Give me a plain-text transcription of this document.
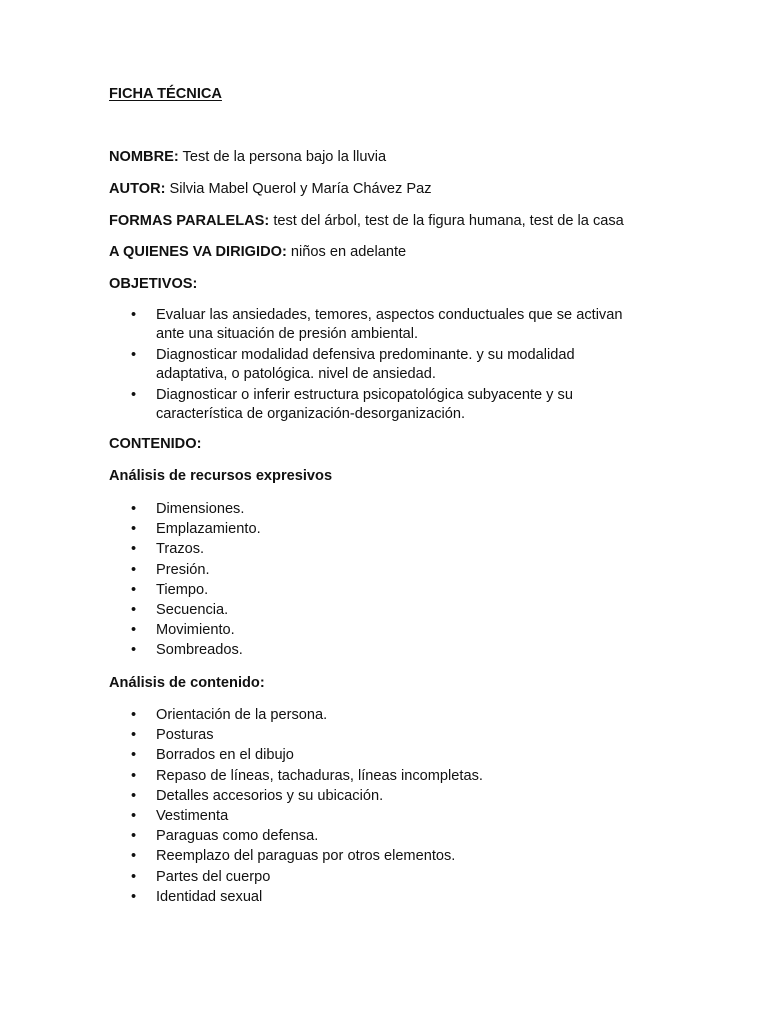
FICHA TÉCNICA
NOMBRE: Test de la persona bajo la lluvia
AUTOR: Silvia Mabel Querol y María Chávez Paz
FORMAS PARALELAS: test del árbol, test de la figura humana, test de la casa
A QUIENES VA DIRIGIDO: niños en adelante
OBJETIVOS:
• Evaluar las ansiedades, temores, aspectos conductuales que se activan
ante una situación de presión ambiental.
• Diagnosticar modalidad defensiva predominante. y su modalidad
adaptativa, o patológica. nivel de ansiedad.
• Diagnosticar o inferir estructura psicopatológica subyacente y su
característica de organización-desorganización.
CONTENIDO:
Análisis de recursos expresivos
• Dimensiones.
• Emplazamiento.
• Trazos.
• Presión.
• Tiempo.
• Secuencia.
• Movimiento.
• Sombreados.
Análisis de contenido:
• Orientación de la persona.
• Posturas
• Borrados en el dibujo
• Repaso de líneas, tachaduras, líneas incompletas.
• Detalles accesorios y su ubicación.
• Vestimenta
• Paraguas como defensa.
• Reemplazo del paraguas por otros elementos.
• Partes del cuerpo
• Identidad sexual
